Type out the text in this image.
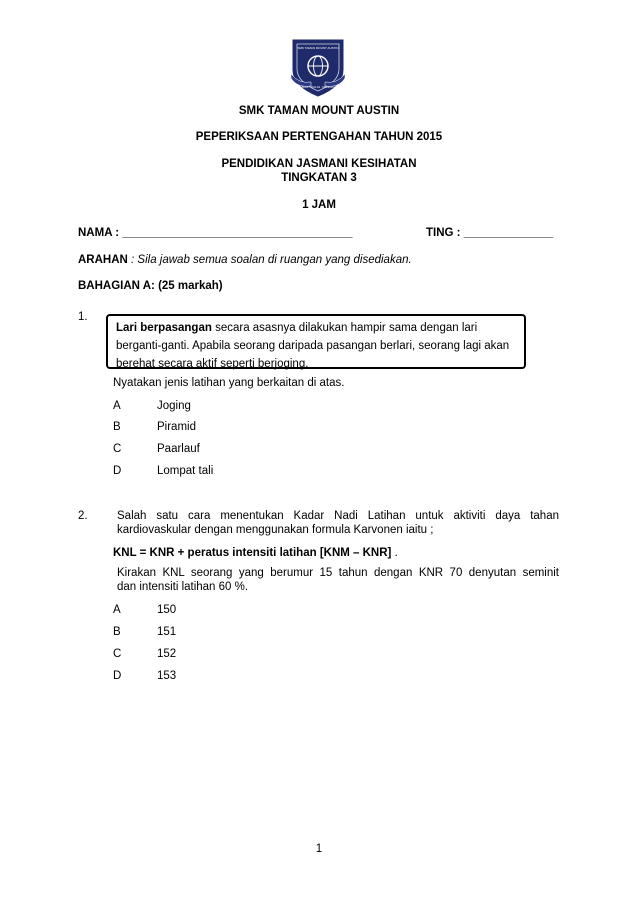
SMK TAMAN MOUNT AUSTIN
BIJAK . IKHLAS . DEDIKASI
SMK TAMAN MOUNT AUSTIN
PEPERIKSAAN PERTENGAHAN TAHUN 2015
PENDIDIKAN JASMANI KESIHATAN
TINGKATAN 3
1 JAM
NAMA : ____________________________________	TING : ______________
ARAHAN : Sila jawab semua soalan di ruangan yang disediakan.
BAHAGIAN A: (25 markah)
1.
Lari berpasangan secara asasnya dilakukan hampir sama dengan lari
berganti-ganti. Apabila seorang daripada pasangan berlari, seorang lagi akan
berehat secara aktif seperti berjoging.
Nyatakan jenis latihan yang berkaitan di atas.
A	Joging
B	Piramid
C	Paarlauf
D	Lompat tali
2.	Salah satu cara menentukan Kadar Nadi Latihan untuk aktiviti daya tahan
kardiovaskular dengan menggunakan formula Karvonen iaitu ;
KNL = KNR + peratus intensiti latihan [KNM – KNR] .
Kirakan KNL seorang yang berumur 15 tahun dengan KNR 70 denyutan seminit
dan intensiti latihan 60 %.
A	150
B	151
C	152
D	153
1
